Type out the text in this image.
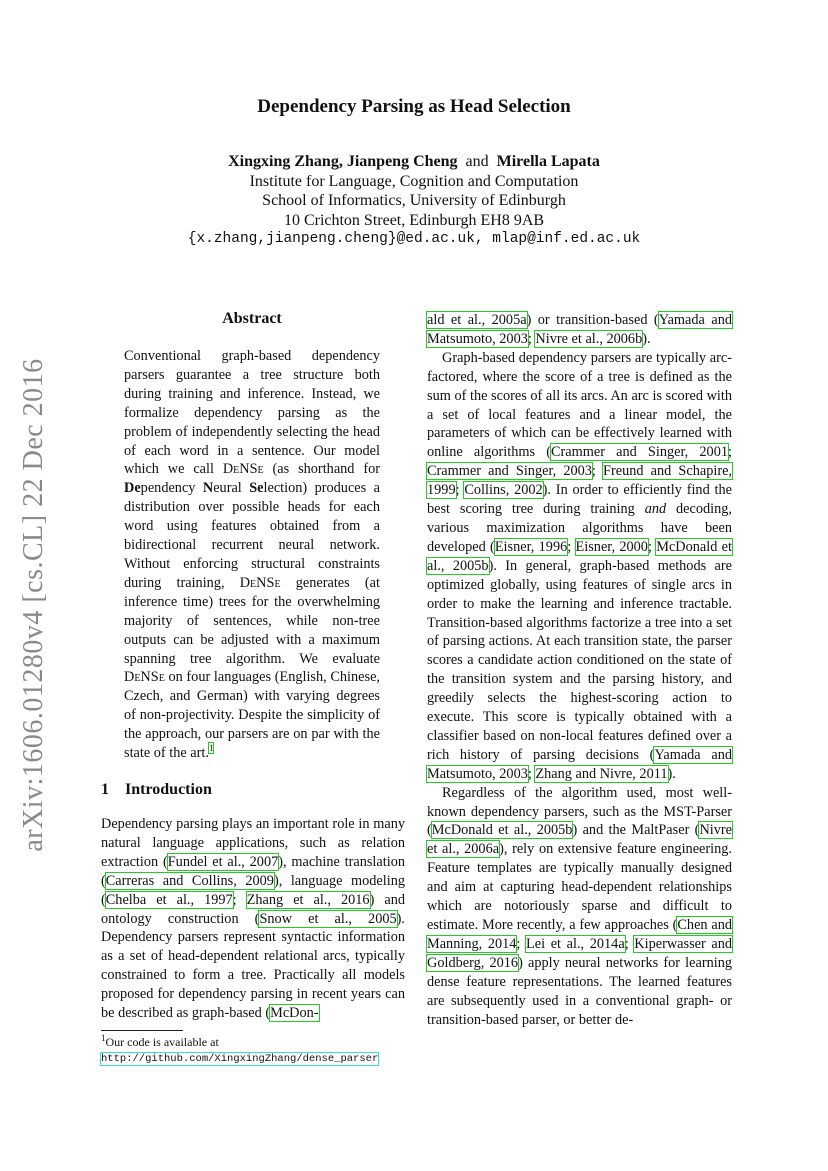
Dependency Parsing as Head Selection
Xingxing Zhang, Jianpeng Cheng and Mirella Lapata
Institute for Language, Cognition and Computation
School of Informatics, University of Edinburgh
10 Crichton Street, Edinburgh EH8 9AB
{x.zhang,jianpeng.cheng}@ed.ac.uk, mlap@inf.ed.ac.uk
arXiv:1606.01280v4 [cs.CL] 22 Dec 2016
Abstract

Conventional graph-based dependency parsers guarantee a tree structure both during training and inference. Instead, we formalize dependency parsing as the problem of independently selecting the head of each word in a sentence. Our model which we call DeNSe (as shorthand for Dependency Neural Selection) produces a distribution over possible heads for each word using features obtained from a bidirectional recurrent neural network. Without enforcing structural constraints during training, DeNSe generates (at inference time) trees for the overwhelming majority of sentences, while non-tree outputs can be adjusted with a maximum spanning tree algorithm. We evaluate DeNSe on four languages (English, Chinese, Czech, and German) with varying degrees of non-projectivity. Despite the simplicity of the approach, our parsers are on par with the state of the art.$^1$

1 Introduction

Dependency parsing plays an important role in many natural language applications, such as relation extraction (Fundel et al., 2007), machine translation (Carreras and Collins, 2009), language modeling (Chelba et al., 1997; Zhang et al., 2016) and ontology construction (Snow et al., 2005). Dependency parsers represent syntactic information as a set of head-dependent relational arcs, typically constrained to form a tree. Practically all models proposed for dependency parsing in recent years can be described as graph-based (McDon-

ald et al., 2005a) or transition-based (Yamada and Matsumoto, 2003; Nivre et al., 2006b).

Graph-based dependency parsers are typically arc-factored, where the score of a tree is defined as the sum of the scores of all its arcs. An arc is scored with a set of local features and a linear model, the parameters of which can be effectively learned with online algorithms (Crammer and Singer, 2001; Crammer and Singer, 2003; Freund and Schapire, 1999; Collins, 2002). In order to efficiently find the best scoring tree during training and decoding, various maximization algorithms have been developed (Eisner, 1996; Eisner, 2000; McDonald et al., 2005b). In general, graph-based methods are optimized globally, using features of single arcs in order to make the learning and inference tractable. Transition-based algorithms factorize a tree into a set of parsing actions. At each transition state, the parser scores a candidate action conditioned on the state of the transition system and the parsing history, and greedily selects the highest-scoring action to execute. This score is typically obtained with a classifier based on non-local features defined over a rich history of parsing decisions (Yamada and Matsumoto, 2003; Zhang and Nivre, 2011).

Regardless of the algorithm used, most well-known dependency parsers, such as the MST-Parser (McDonald et al., 2005b) and the MaltPaser (Nivre et al., 2006a), rely on extensive feature engineering. Feature templates are typically manually designed and aim at capturing head-dependent relationships which are notoriously sparse and difficult to estimate. More recently, a few approaches (Chen and Manning, 2014; Lei et al., 2014a; Kiperwasser and Goldberg, 2016) apply neural networks for learning dense feature representations. The learned features are subsequently used in a conventional graph- or transition-based parser, or better de-

$^1$Our code is available at http://github.com/XingxingZhang/dense_parser
